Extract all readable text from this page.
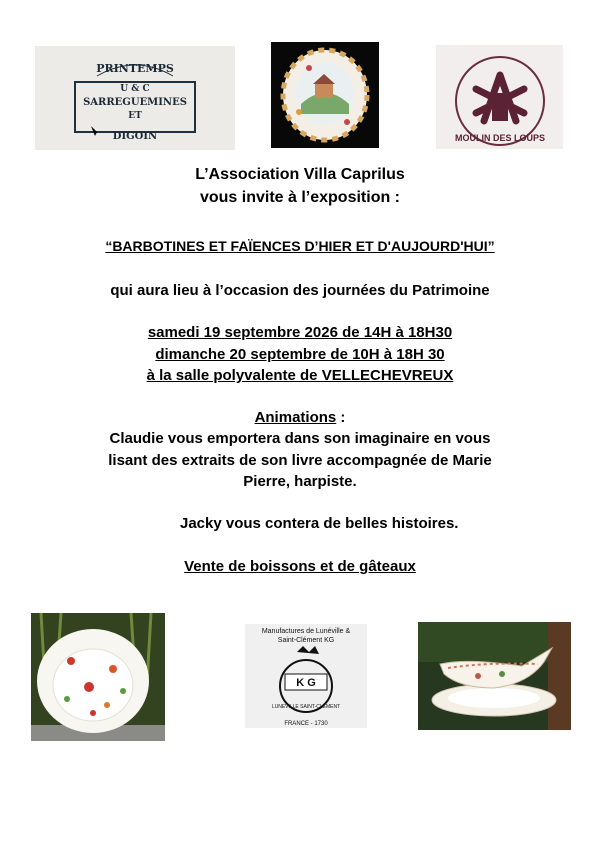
PRINTEMPS
U & C
SARREGUEMINES
ET
DIGOIN	MOULIN DES LOUPS
L’Association Villa Caprilus
vous invite à l’exposition :
“BARBOTINES ET FAÏENCES D’HIER ET D'AUJOURD'HUI”
qui aura lieu à l’occasion des journées du Patrimoine
samedi 19 septembre 2026 de 14H à 18H30
dimanche 20 septembre de 10H à 18H 30
à la salle polyvalente de VELLECHEVREUX
Animations :
Claudie vous emportera dans son imaginaire en vous
lisant des extraits de son livre accompagnée de Marie
Pierre, harpiste.
Jacky vous contera de belles histoires.
Vente de boissons et de gâteaux
Manufactures de Lunéville &
Saint-Clément KG
K G
LUNEVILLE SAINT-CLEMENT
FRANCE - 1730
